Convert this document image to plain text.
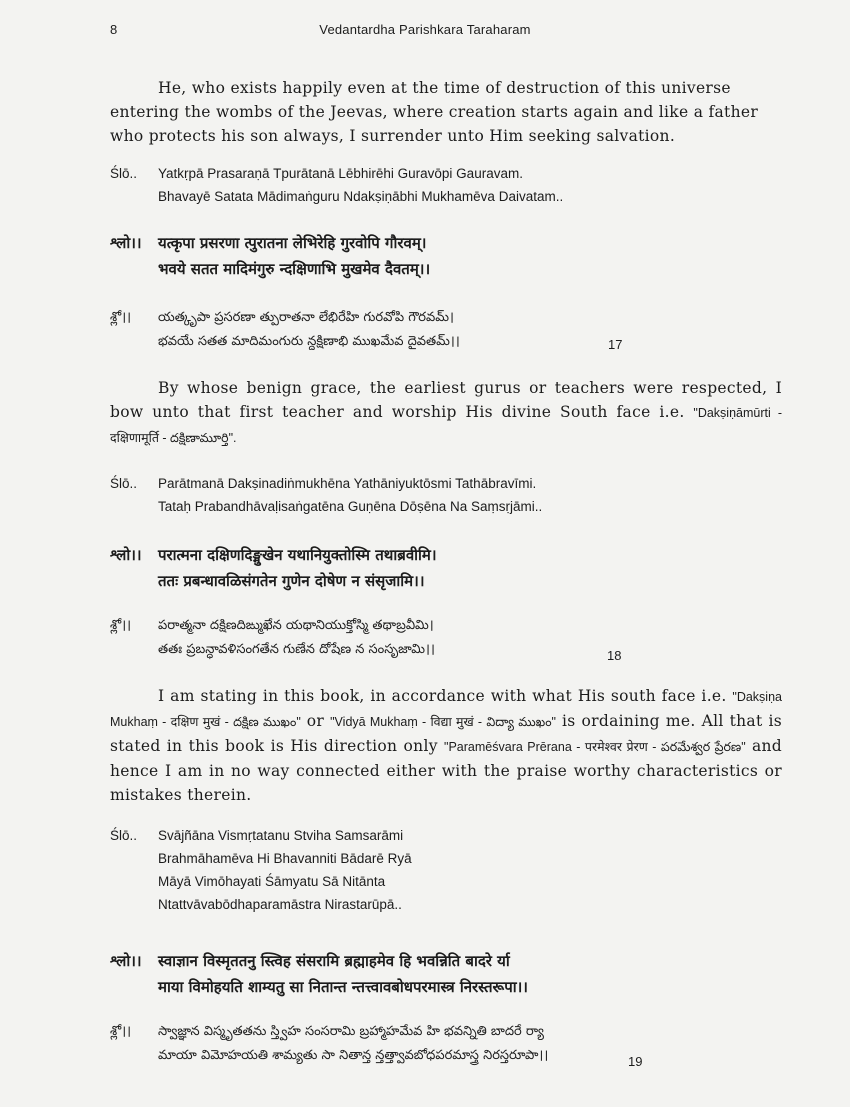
8	Vedantardha Parishkara Taraharam
He, who exists happily even at the time of destruction of this universe
entering the wombs of the Jeevas, where creation starts again and like a father
who protects his son always, I surrender unto Him seeking salvation.
Ślō.. Yatkṛpā Prasaraṇā Tpurātanā Lēbhirēhi Guravōpi Gauravam.
Bhavayē Satata Mādimaṅguru Ndakṣiṇābhi Mukhamēva Daivatam..
श्लो।। यत्कृपा प्रसरणा त्पुरातना लेभिरेहि गुरवोपि गौरवम्।
भवये सतत मादिमंगुरु न्दक्षिणाभि मुखमेव दैवतम्।।
శ్లో।। యత్కృపా ప్రసరణా త్పురాతనా లేభిరేహి గురవోపి గౌరవమ్।
భవయే సతత మాదిమంగురు న్దక్షిణాభి ముఖమేవ దైవతమ్।।	17
By whose benign grace, the earliest gurus or teachers were respected, I bow unto that first teacher and worship His divine South face i.e. "Dakṣiṇāmūrti - दक्षिणामूर्ति - దక్షిణామూర్తి".
Ślō.. Parātmanā Dakṣinadiṅmukhēna Yathāniyuktōsmi Tathābravīmi.
Tataḥ Prabandhāvaḷisaṅgatēna Guṇēna Dōṣēna Na Saṃsṛjāmi..
श्लो।। परात्मना दक्षिणदिङ्मुखेन यथानियुक्तोस्मि तथाब्रवीमि।
ततः प्रबन्धावळिसंगतेन गुणेन दोषेण न संसृजामि।।
శ్లో।। పరాత్మనా దక్షిణదిఙ్ముఖేన యథానియుక్తోస్మి తథాబ్రవీమి।
తతః ప్రబన్ధావళిసంగతేన గుణేన దోషేణ న సంసృజామి।।	18
I am stating in this book, in accordance with what His south face i.e. "Dakṣiṇa Mukhaṃ - दक्षिण मुखं - దక్షిణ ముఖం" or "Vidyā Mukhaṃ - विद्या मुखं - విద్యా ముఖం" is ordaining me. All that is stated in this book is His direction only "Paramēśvara Prērana - परमेश्वर प्रेरण - పరమేశ్వర ప్రేరణ" and hence I am in no way connected either with the praise worthy characteristics or mistakes therein.
Ślō.. Svājñāna Vismṛtatanu Stviha Samsarāmi
Brahmāhamēva Hi Bhavanniti Bādarē Ryā
Māyā Vimōhayati Śāmyatu Sā Nitānta
Ntattvāvabōdhaparamāstra Nirastarūpā..
श्लो।। स्वाज्ञान विस्मृततनु स्त्विह संसरामि ब्रह्माहमेव हि भवन्निति बादरे र्या
माया विमोहयति शाम्यतु सा नितान्त न्तत्त्वावबोधपरमास्त्र निरस्तरूपा।।
శ్లో।। స్వాజ్ఞాన విస్మృతతను స్త్విహ సంసరామి బ్రహ్మాహమేవ హి భవన్నితి బాదరే ర్యా
మాయా విమోహయతి శామ్యతు సా నితాన్త న్తత్త్వావబోధపరమాస్త్ర నిరస్తరూపా।।	19
